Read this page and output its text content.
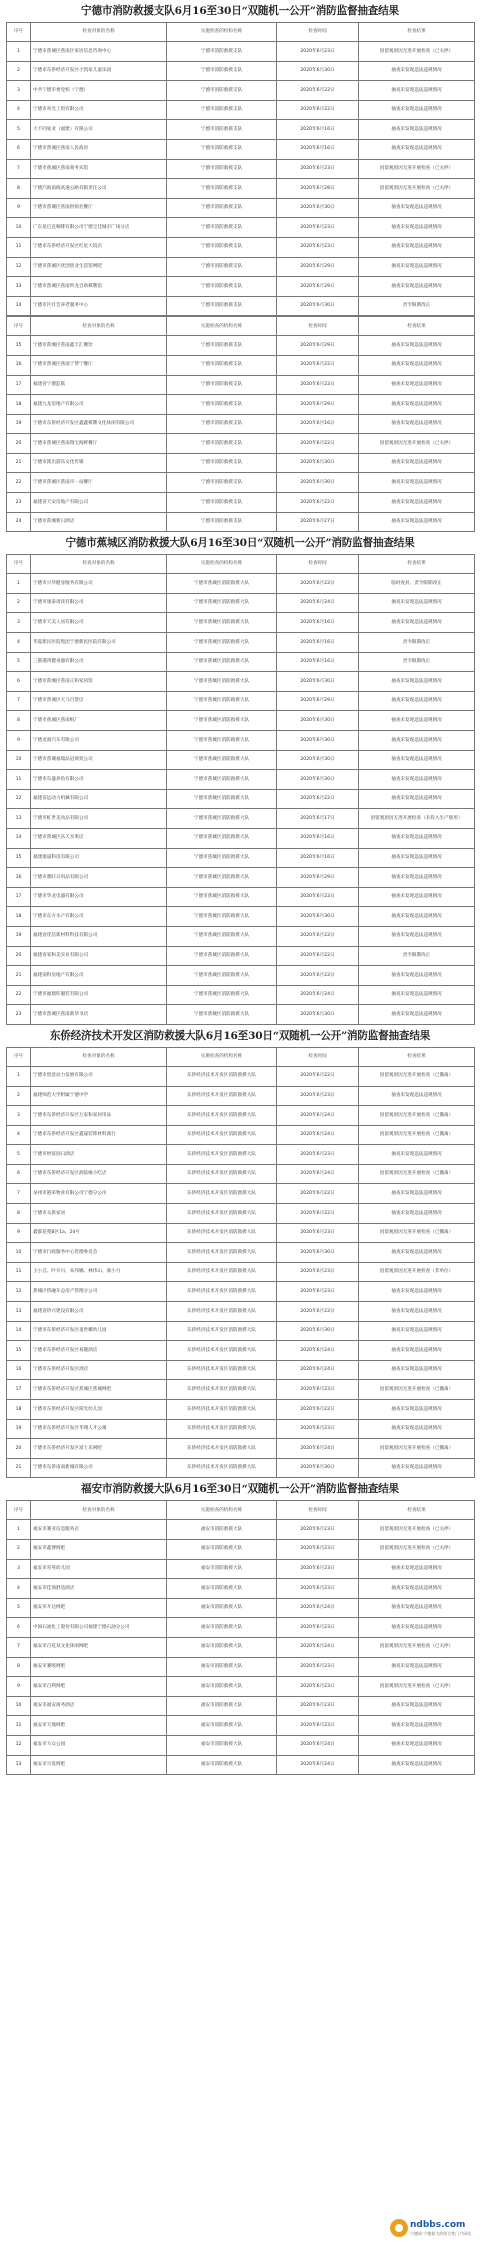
宁德市消防救援支队6月16至30日“双随机一公开”消防监督抽查结果
序号	检查对象的名称	实施检查的机构名称	检查时间	检查结果
1	宁德市蕉城区蕉南区家居信息咨询中心	宁德市消防救援支队	2020年6月23日	因留观原因无进开展检查（已关停）
2	宁德市东侨经济开发区小凯家儿童乐园	宁德市消防救援支队	2020年6月30日	抽查未发现违法违规情况
3	中共宁德市委党校（宁德）	宁德市消防救援支队	2020年6月22日	抽查未发现违法违规情况
4	宁德市喜光工贸有限公司	宁德市消防救援支队	2020年6月22日	抽查未发现违法违规情况
5	大不同家业（福建）有限公司	宁德市消防救援支队	2020年6月16日	抽查未发现违法违规情况
6	宁德市蕉城区蕉南人民政府	宁德市消防救援支队	2020年6月16日	抽查未发现违法违规情况
7	宁德市蕉城区蕉南商务宾馆	宁德市消防救援支队	2020年6月23日	因留观原因无进开展检查（已关停）
8	宁德汽海南线高速公路有限责任公司	宁德市消防救援支队	2020年6月28日	因留观原因无进开展检查（已关停）
9	宁德市蕉城区蕉南供销社餐厅	宁德市消防救援支队	2020年6月30日	抽查未发现违法违规情况
10	广东星巴克咖啡有限公司宁德宝佳城市广场分店	宁德市消防救援支队	2020年6月23日	抽查未发现违法违规情况
11	宁德市东侨经济开发区红星大饭店	宁德市消防救援支队	2020年6月23日	抽查未发现违法违规情况
12	宁德市蕉城区优创创业生活馆网吧	宁德市消防救援支队	2020年6月29日	抽查未发现违法违规情况
13	宁德市蕉城区蕉南所龙自助棋牌馆	宁德市消防救援支队	2020年6月29日	抽查未发现违法违规情况
14	宁德市区社会养老服务中心	宁德市消防救援支队	2020年6月30日	责令限期改正
序号	检查对象的名称	实施检查的机构名称	检查时间	检查结果
15	宁德市蕉城区蕉南鑫丰汇餐饮	宁德市消防救援支队	2020年6月29日	抽查未发现违法违规情况
16	宁德市蕉城区蕉南宁帮宁餐厅	宁德市消防救援支队	2020年6月22日	抽查未发现违法违规情况
17	福建省宁德监狱	宁德市消防救援支队	2020年6月22日	抽查未发现违法违规情况
18	福建九龙房地产有限公司	宁德市消防救援支队	2020年6月29日	抽查未发现违法违规情况
19	宁德市东侨经济开发区鑫鑫棋牌文化休闲有限公司	宁德市消防救援支队	2020年6月16日	抽查未发现违法违规情况
20	宁德市蕉城区蕉南瑞宝海鲜餐厅	宁德市消防救援支队	2020年6月22日	因留观原因无进开展检查（已关停）
21	宁德市派出游乐文化传媒	宁德市消防救援支队	2020年6月30日	抽查未发现违法违规情况
22	宁德市蕉城区蕉南市一站餐厅	宁德市消防救援支队	2020年6月30日	抽查未发现违法违规情况
23	福建省天安房地产有限公司	宁德市消防救援支队	2020年6月22日	抽查未发现违法违规情况
24	宁德市蕉城新日酒店	宁德市消防救援支队	2020年6月27日	抽查未发现违法违规情况
宁德市蕉城区消防救援大队6月16至30日“双随机一公开”消防监督抽查结果
序号	检查对象的名称	实施检查的机构名称	检查时间	检查结果
1	宁德市兴华健身服务有限公司	宁德市蕉城区消防救援大队	2020年6月22日	临时查封、责令限期改正
2	宁德市康泰请读有限公司	宁德市蕉城区消防救援大队	2020年6月24日	抽查未发现违法违规情况
3	宁德市天美人居有限公司	宁德市蕉城区消防救援大队	2020年6月16日	抽查未发现违法违规情况
4	华夏新民医院集团宁德新民医院有限公司	宁德市蕉城区消防救援大队	2020年6月16日	责令限期改正
5	三都港湾健身器有限公司	宁德市蕉城区消防救援大队	2020年6月16日	责令限期改正
6	宁德市蕉城区蕉南正和家居馆	宁德市蕉城区消防救援大队	2020年6月30日	抽查未发现违法违规情况
7	宁德市蕉城区天马百货店	宁德市蕉城区消防救援大队	2020年6月29日	抽查未发现违法违规情况
8	宁德市蕉城区蕉南纸厂	宁德市蕉城区消防救援大队	2020年6月30日	抽查未发现违法违规情况
9	宁德龙驹汽车有限公司	宁德市蕉城区消防救援大队	2020年6月30日	抽查未发现违法违规情况
10	宁德市蕉城福瑞品冠商贸公司	宁德市蕉城区消防救援大队	2020年6月30日	抽查未发现违法违规情况
11	宁德市东盛养鱼有限公司	宁德市蕉城区消防救援大队	2020年6月30日	抽查未发现违法违规情况
12	福建省远动力机械有限公司	宁德市蕉城区消防救援大队	2020年6月22日	抽查未发现违法违规情况
13	宁德市虹世美食品有限公司	宁德市蕉城区消防救援大队	2020年6月17日	因留观原因无进开展检查（未投入生产使用）
14	宁德市蕉城区乐天水果店	宁德市蕉城区消防救援大队	2020年6月16日	抽查未发现违法违规情况
15	福建康晟科技有限公司	宁德市蕉城区消防救援大队	2020年6月16日	抽查未发现违法违规情况
16	宁德市鼎旺日用品有限公司	宁德市蕉城区消防救援大队	2020年6月29日	抽查未发现违法违规情况
17	宁德市华龙电器有限公司	宁德市蕉城区消防救援大队	2020年6月22日	抽查未发现违法违规情况
18	宁德市东方水产有限公司	宁德市蕉城区消防救援大队	2020年6月30日	抽查未发现违法违规情况
19	福建省优信新材料科技有限公司	宁德市蕉城区消防救援大队	2020年6月22日	抽查未发现违法违规情况
20	福建省家和美实业有限公司	宁德市蕉城区消防救援大队	2020年6月22日	责令限期改正
21	福建南科房地产有限公司	宁德市蕉城区消防救援大队	2020年6月22日	抽查未发现违法违规情况
22	宁德市福鼎旺服装有限公司	宁德市蕉城区消防救援大队	2020年6月24日	抽查未发现违法违规情况
23	宁德市蕉城区蕉南新华书店	宁德市蕉城区消防救援大队	2020年6月30日	抽查未发现违法违规情况
东侨经济技术开发区消防救援大队6月16至30日“双随机一公开”消防监督抽查结果
序号	检查对象的名称	实施检查的机构名称	检查时间	检查结果
1	宁德市创意动力发展有限公司	东侨经济技术开发区消防救援大队	2020年6月22日	因留观原因无进开展检查（已搬离）
2	福建师范大学附属宁德中学	东侨经济技术开发区消防救援大队	2020年6月23日	抽查未发现违法违规情况
3	宁德市东侨经济开发区万家和家居用品	东侨经济技术开发区消防救援大队	2020年6月24日	因留观原因无进开展检查（已搬离）
4	宁德市东侨经济开发区鑫晟装饰材料商行	东侨经济技术开发区消防救援大队	2020年6月24日	因留观原因无进开展检查（已搬离）
5	宁德市财富园日酒店	东侨经济技术开发区消防救援大队	2020年6月23日	抽查未发现违法违规情况
6	宁德市东侨经济开发区润依缘小吃店	东侨经济技术开发区消防救援大队	2020年6月24日	因留观原因无进开展检查（已搬离）
7	泉州市港莱物业有限公司宁德分公司	东侨经济技术开发区消防救援大队	2020年6月22日	抽查未发现违法违规情况
8	宁德市众新家居	东侨经济技术开发区消防救援大队	2020年6月22日	抽查未发现违法违规情况
9	鑫都花苑B区1a、24号	东侨经济技术开发区消防救援大队	2020年6月23日	因留观原因无进开展检查（已搬离）
10	宁德市行政服务中心管理委员会	东侨经济技术开发区消防救援大队	2020年6月30日	抽查未发现违法违规情况
11	王小芸、叶开川、朱伟娜、林伟山、康小月	东侨经济技术开发区消防救援大队	2020年6月23日	因留观原因无进开展检查（非单位）
12	蕉城区侨融车总房产管理分公司	东侨经济技术开发区消防救援大队	2020年6月23日	抽查未发现违法违规情况
13	福建省侨兴建设有限公司	东侨经济技术开发区消防救援大队	2020年6月22日	抽查未发现违法违规情况
14	宁德市东侨经济开发区童世嘟幼儿园	东侨经济技术开发区消防救援大队	2020年6月30日	抽查未发现违法违规情况
15	宁德市东侨经济开发区易趣酒店	东侨经济技术开发区消防救援大队	2020年6月24日	抽查未发现违法违规情况
16	宁德市东侨经济开发区酒店	东侨经济技术开发区消防救援大队	2020年6月24日	抽查未发现违法违规情况
17	宁德市东侨经济开发区蕉城区蕉城网吧	东侨经济技术开发区消防救援大队	2020年6月23日	因留观原因无进开展检查（已搬离）
18	宁德市东侨经济开发区阳光幼儿园	东侨经济技术开发区消防救援大队	2020年6月22日	抽查未发现违法违规情况
19	宁德市东侨经济开发区华翔人才公寓	东侨经济技术开发区消防救援大队	2020年6月23日	抽查未发现违法违规情况
20	宁德市东侨经济开发区富士乐网吧	东侨经济技术开发区消防救援大队	2020年6月24日	因留观原因无进开展检查（已搬离）
21	宁德市东侨南南新城有限公司	东侨经济技术开发区消防救援大队	2020年6月30日	抽查未发现违法违规情况
福安市消防救援大队6月16至30日“双随机一公开”消防监督抽查结果
序号	检查对象的名称	实施检查的机构名称	检查时间	检查结果
1	福安市赛亚信息服务店	福安市消防救援大队	2020年6月23日	因留观原因无进开展检查（已关停）
2	福安市鑫博网吧	福安市消防救援大队	2020年6月23日	因留观原因无进开展检查（已关停）
3	福安市育英幼儿园	福安市消防救援大队	2020年6月23日	抽查未发现违法违规情况
4	福安市佳领舒适酒店	福安市消防救援大队	2020年6月23日	抽查未发现违法违规情况
5	福安市开达网吧	福安市消防救援大队	2020年6月24日	抽查未发现违法违规情况
6	中国石油化工股份有限公司福建宁德石油分公司	福安市消防救援大队	2020年6月23日	抽查未发现违法违规情况
7	福安市百花双文化休闲网吧	福安市消防救援大队	2020年6月24日	因留观原因无进开展检查（已关停）
8	福安市赛岐网吧	福安市消防救援大队	2020年6月23日	抽查未发现违法违规情况
9	福安市百利网吧	福安市消防救援大队	2020年6月23日	因留观原因无进开展检查（已关停）
10	福安市福安商务酒店	福安市消防救援大队	2020年6月23日	抽查未发现违法违规情况
11	福安市天地网吧	福安市消防救援大队	2020年6月23日	抽查未发现违法违规情况
12	福安市大众公园	福安市消防救援大队	2020年6月24日	抽查未发现违法违规情况
13	福安市兴发网吧	福安市消防救援大队	2020年6月24日	抽查未发现违法违规情况
ndbbs.com
宁德网 宁德最大的综合性门户网站
